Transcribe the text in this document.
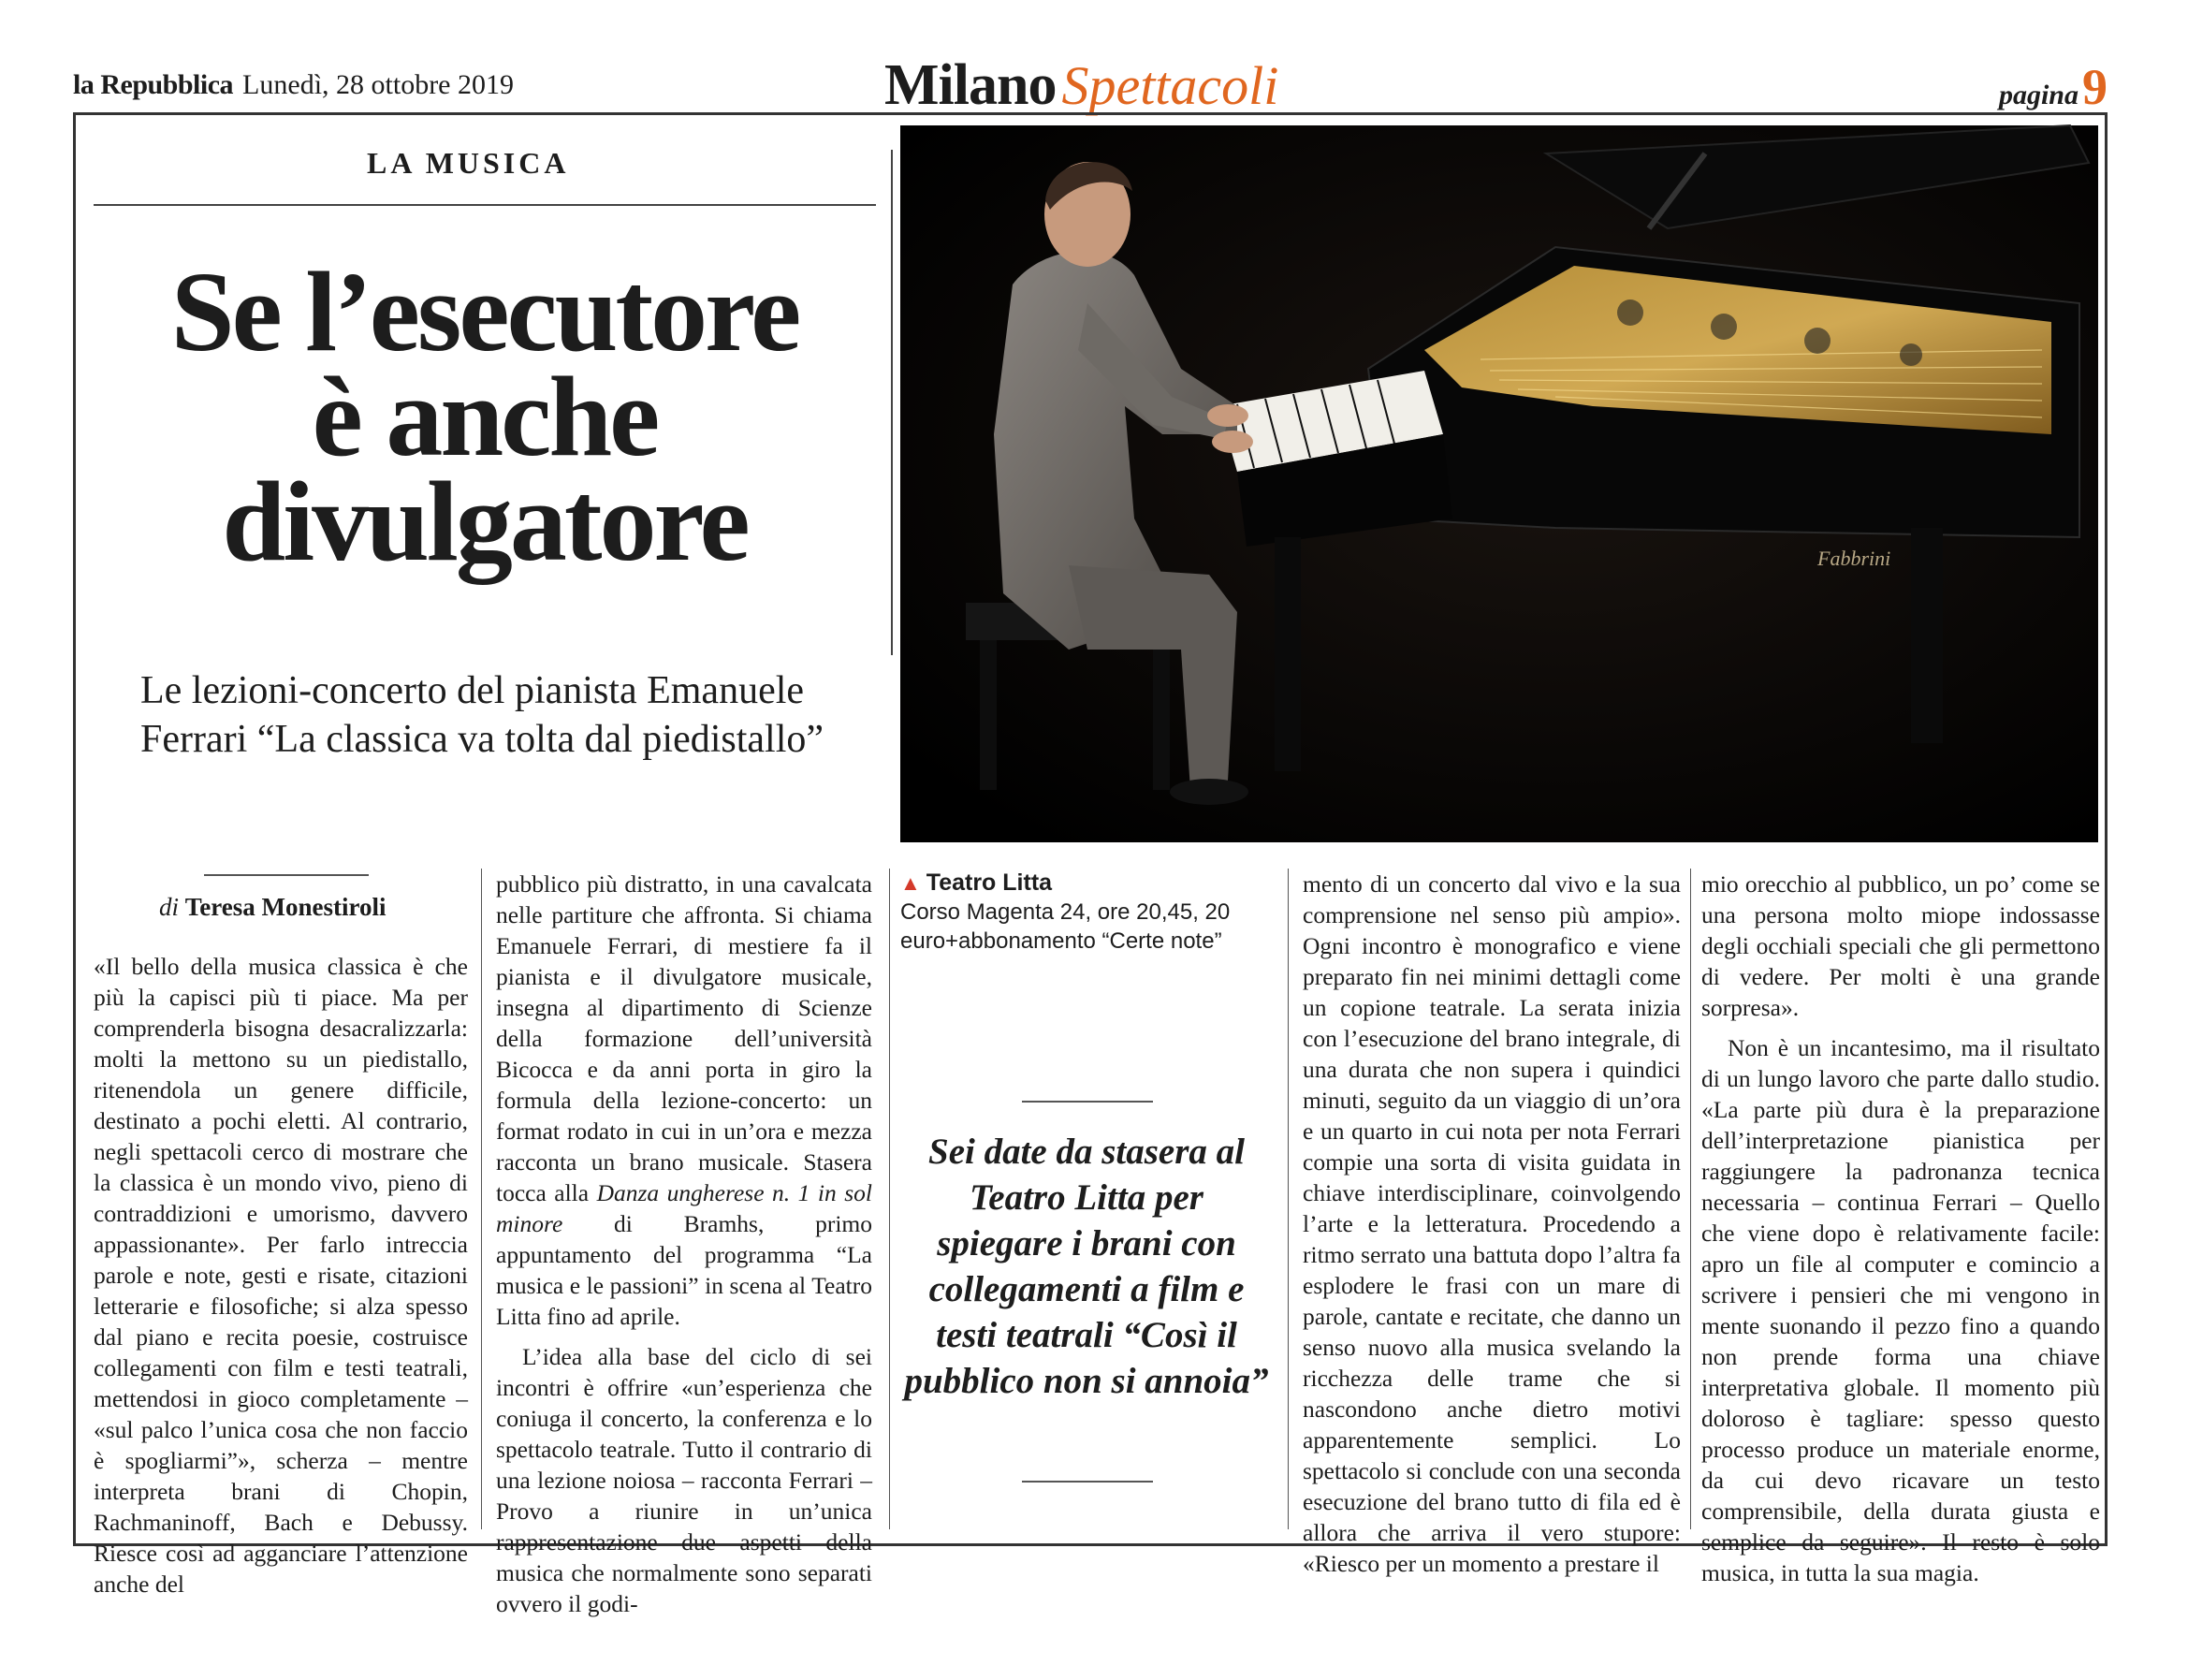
la Repubblica Lunedì, 28 ottobre 2019	Milano Spettacoli	pagina9
LA MUSICA
Se l’esecutore
è anche
divulgatore
Le lezioni-concerto del pianista Emanuele Ferrari “La classica va tolta dal piedistallo”
di Teresa Monestiroli
Fabbrini
▲ Teatro Litta
Corso Magenta 24, ore 20,45, 20 euro+abbonamento “Certe note”
Sei date da stasera al Teatro Litta per spiegare i brani con collegamenti a film e testi teatrali “Così il pubblico non si annoia”

«Il bello della musica classica è che più la capisci più ti piace. Ma per comprenderla bisogna desacralizzarla: molti la mettono su un piedistallo, ritenendola un genere difficile, destinato a pochi eletti. Al contrario, negli spettacoli cerco di mostrare che la classica è un mondo vivo, pieno di contraddizioni e umorismo, davvero appassionante». Per farlo intreccia parole e note, gesti e risate, citazioni letterarie e filosofiche; si alza spesso dal piano e recita poesie, costruisce collegamenti con film e testi teatrali, mettendosi in gioco completamente – «sul palco l’unica cosa che non faccio è spogliarmi”», scherza – mentre interpreta brani di Chopin, Rachmaninoff, Bach e Debussy. Riesce così ad agganciare l’attenzione anche del

pubblico più distratto, in una cavalcata nelle partiture che affronta. Si chiama Emanuele Ferrari, di mestiere fa il pianista e il divulgatore musicale, insegna al dipartimento di Scienze della formazione dell’università Bicocca e da anni porta in giro la formula della lezione-concerto: un format rodato in cui in un’ora e mezza racconta un brano musicale. Stasera tocca alla Danza ungherese n. 1 in sol minore di Bramhs, primo appuntamento del programma “La musica e le passioni” in scena al Teatro Litta fino ad aprile.

L’idea alla base del ciclo di sei incontri è offrire «un’esperienza che coniuga il concerto, la conferenza e lo spettacolo teatrale. Tutto il contrario di una lezione noiosa – racconta Ferrari – Provo a riunire in un’unica rappresentazione due aspetti della musica che normalmente sono separati ovvero il godi-

mento di un concerto dal vivo e la sua comprensione nel senso più ampio». Ogni incontro è monografico e viene preparato fin nei minimi dettagli come un copione teatrale. La serata inizia con l’esecuzione del brano integrale, di una durata che non supera i quindici minuti, seguito da un viaggio di un’ora e un quarto in cui nota per nota Ferrari compie una sorta di visita guidata in chiave interdisciplinare, coinvolgendo l’arte e la letteratura. Procedendo a ritmo serrato una battuta dopo l’altra fa esplodere le frasi con un mare di parole, cantate e recitate, che danno un senso nuovo alla musica svelando la ricchezza delle trame che si nascondono anche dietro motivi apparentemente semplici. Lo spettacolo si conclude con una seconda esecuzione del brano tutto di fila ed è allora che arriva il vero stupore: «Riesco per un momento a prestare il

mio orecchio al pubblico, un po’ come se una persona molto miope indossasse degli occhiali speciali che gli permettono di vedere. Per molti è una grande sorpresa».

Non è un incantesimo, ma il risultato di un lungo lavoro che parte dallo studio. «La parte più dura è la preparazione dell’interpretazione pianistica per raggiungere la padronanza tecnica necessaria – continua Ferrari – Quello che viene dopo è relativamente facile: apro un file al computer e comincio a scrivere i pensieri che mi vengono in mente suonando il pezzo fino a quando non prende forma una chiave interpretativa globale. Il momento più doloroso è tagliare: spesso questo processo produce un materiale enorme, da cui devo ricavare un testo comprensibile, della durata giusta e semplice da seguire». Il resto è solo musica, in tutta la sua magia.
